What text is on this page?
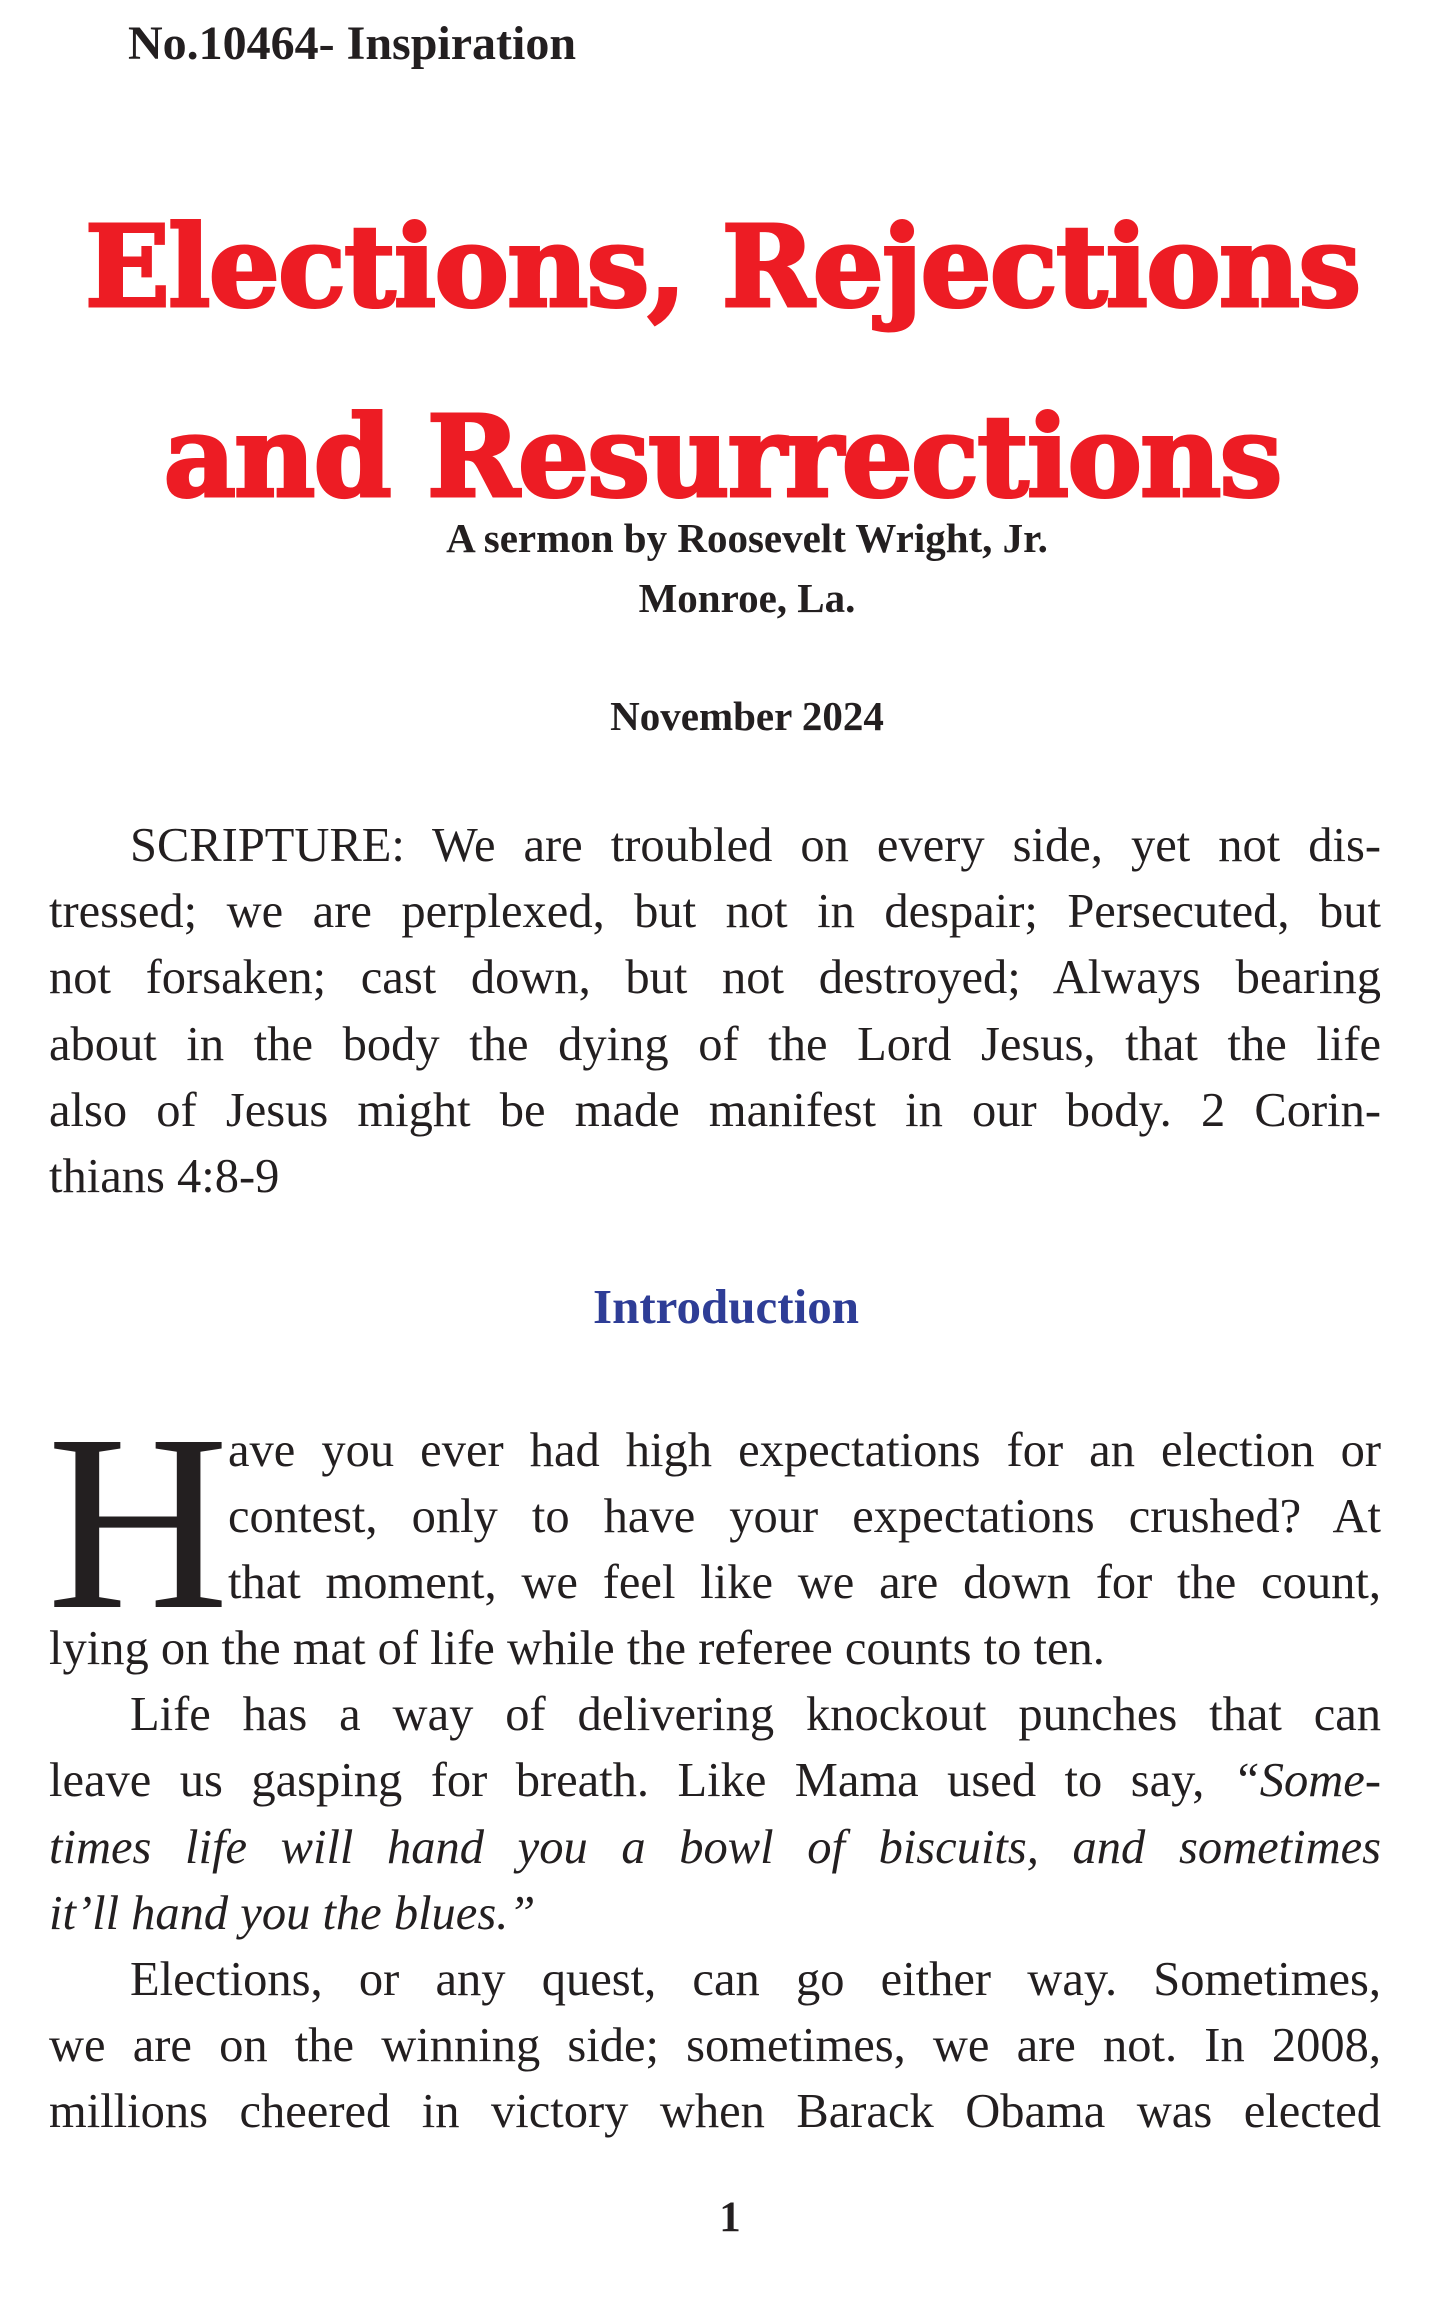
No.10464- Inspiration
Elections, Rejections
and Resurrections
A sermon by Roosevelt Wright, Jr.
Monroe, La.
November 2024
SCRIPTURE: We are troubled on every side, yet not dis-
tressed; we are perplexed, but not in despair; Persecuted, but
not forsaken; cast down, but not destroyed; Always bearing
about in the body the dying of the Lord Jesus, that the life
also of Jesus might be made manifest in our body. 2 Corin-
thians 4:8-9
Introduction
H ave you ever had high expectations for an election or
contest, only to have your expectations crushed? At
that moment, we feel like we are down for the count,
lying on the mat of life while the referee counts to ten.
Life has a way of delivering knockout punches that can
leave us gasping for breath. Like Mama used to say, “Some-
times life will hand you a bowl of biscuits, and sometimes
it’ll hand you the blues.”
Elections, or any quest, can go either way. Sometimes,
we are on the winning side; sometimes, we are not. In 2008,
millions cheered in victory when Barack Obama was elected
1
